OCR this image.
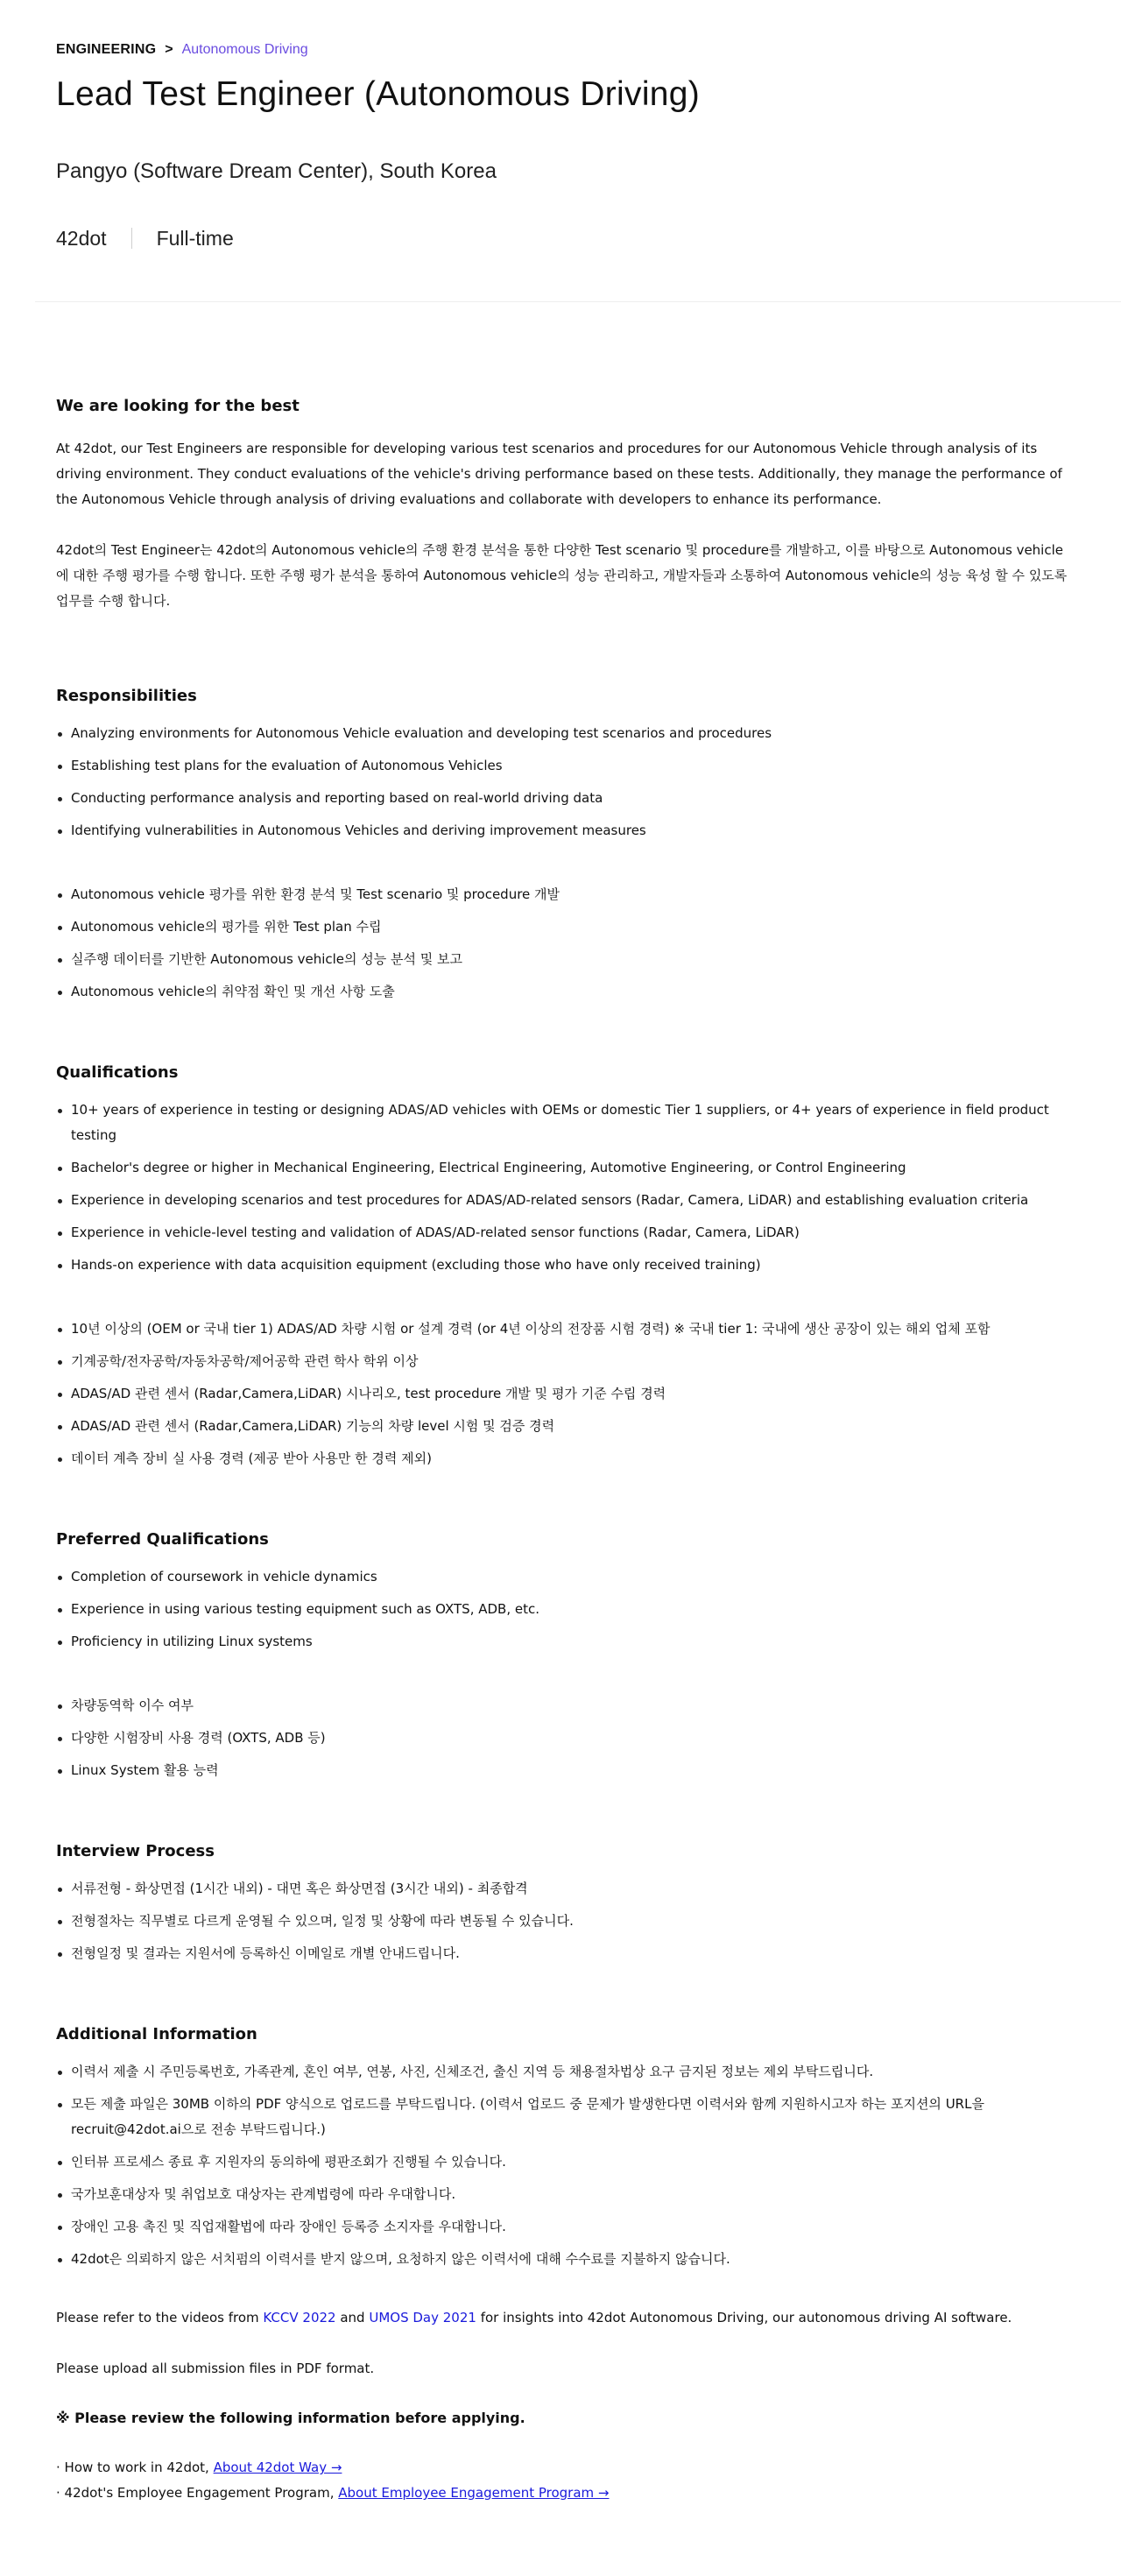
ENGINEERING > Autonomous Driving
Lead Test Engineer (Autonomous Driving)
Pangyo (Software Dream Center), South Korea
42dot Full-time
We are looking for the best

At 42dot, our Test Engineers are responsible for developing various test scenarios and procedures for our Autonomous Vehicle through analysis of its driving environment. They conduct evaluations of the vehicle's driving performance based on these tests. Additionally, they manage the performance of the Autonomous Vehicle through analysis of driving evaluations and collaborate with developers to enhance its performance.

42dot의 Test Engineer는 42dot의 Autonomous vehicle의 주행 환경 분석을 통한 다양한 Test scenario 및 procedure를 개발하고, 이를 바탕으로 Autonomous vehicle에 대한 주행 평가를 수행 합니다. 또한 주행 평가 분석을 통하여 Autonomous vehicle의 성능 관리하고, 개발자들과 소통하여 Autonomous vehicle의 성능 육성 할 수 있도록 업무를 수행 합니다.

Responsibilities
Analyzing environments for Autonomous Vehicle evaluation and developing test scenarios and procedures
Establishing test plans for the evaluation of Autonomous Vehicles
Conducting performance analysis and reporting based on real-world driving data
Identifying vulnerabilities in Autonomous Vehicles and deriving improvement measures
Autonomous vehicle 평가를 위한 환경 분석 및 Test scenario 및 procedure 개발
Autonomous vehicle의 평가를 위한 Test plan 수립
실주행 데이터를 기반한 Autonomous vehicle의 성능 분석 및 보고
Autonomous vehicle의 취약점 확인 및 개선 사항 도출
Qualifications
10+ years of experience in testing or designing ADAS/AD vehicles with OEMs or domestic Tier 1 suppliers, or 4+ years of experience in field product testing
Bachelor's degree or higher in Mechanical Engineering, Electrical Engineering, Automotive Engineering, or Control Engineering
Experience in developing scenarios and test procedures for ADAS/AD-related sensors (Radar, Camera, LiDAR) and establishing evaluation criteria
Experience in vehicle-level testing and validation of ADAS/AD-related sensor functions (Radar, Camera, LiDAR)
Hands-on experience with data acquisition equipment (excluding those who have only received training)
10년 이상의 (OEM or 국내 tier 1) ADAS/AD 차량 시험 or 설계 경력 (or 4년 이상의 전장품 시험 경력) ※ 국내 tier 1: 국내에 생산 공장이 있는 해외 업체 포함
기계공학/전자공학/자동차공학/제어공학 관련 학사 학위 이상
ADAS/AD 관련 센서 (Radar,Camera,LiDAR) 시나리오, test procedure 개발 및 평가 기준 수립 경력
ADAS/AD 관련 센서 (Radar,Camera,LiDAR) 기능의 차량 level 시험 및 검증 경력
데이터 계측 장비 실 사용 경력 (제공 받아 사용만 한 경력 제외)
Preferred Qualifications
Completion of coursework in vehicle dynamics
Experience in using various testing equipment such as OXTS, ADB, etc.
Proficiency in utilizing Linux systems
차량동역학 이수 여부
다양한 시험장비 사용 경력 (OXTS, ADB 등)
Linux System 활용 능력
Interview Process
서류전형 - 화상면접 (1시간 내외) - 대면 혹은 화상면접 (3시간 내외) - 최종합격
전형절차는 직무별로 다르게 운영될 수 있으며, 일정 및 상황에 따라 변동될 수 있습니다.
전형일정 및 결과는 지원서에 등록하신 이메일로 개별 안내드립니다.
Additional Information
이력서 제출 시 주민등록번호, 가족관계, 혼인 여부, 연봉, 사진, 신체조건, 출신 지역 등 채용절차법상 요구 금지된 정보는 제외 부탁드립니다.
모든 제출 파일은 30MB 이하의 PDF 양식으로 업로드를 부탁드립니다. (이력서 업로드 중 문제가 발생한다면 이력서와 함께 지원하시고자 하는 포지션의 URL을 recruit@42dot.ai으로 전송 부탁드립니다.)
인터뷰 프로세스 종료 후 지원자의 동의하에 평판조회가 진행될 수 있습니다.
국가보훈대상자 및 취업보호 대상자는 관계법령에 따라 우대합니다.
장애인 고용 촉진 및 직업재활법에 따라 장애인 등록증 소지자를 우대합니다.
42dot은 의뢰하지 않은 서치펌의 이력서를 받지 않으며, 요청하지 않은 이력서에 대해 수수료를 지불하지 않습니다.

Please refer to the videos from KCCV 2022 and UMOS Day 2021 for insights into 42dot Autonomous Driving, our autonomous driving AI software.

Please upload all submission files in PDF format.

※ Please review the following information before applying.

· How to work in 42dot, About 42dot Way →

· 42dot's Employee Engagement Program, About Employee Engagement Program →
